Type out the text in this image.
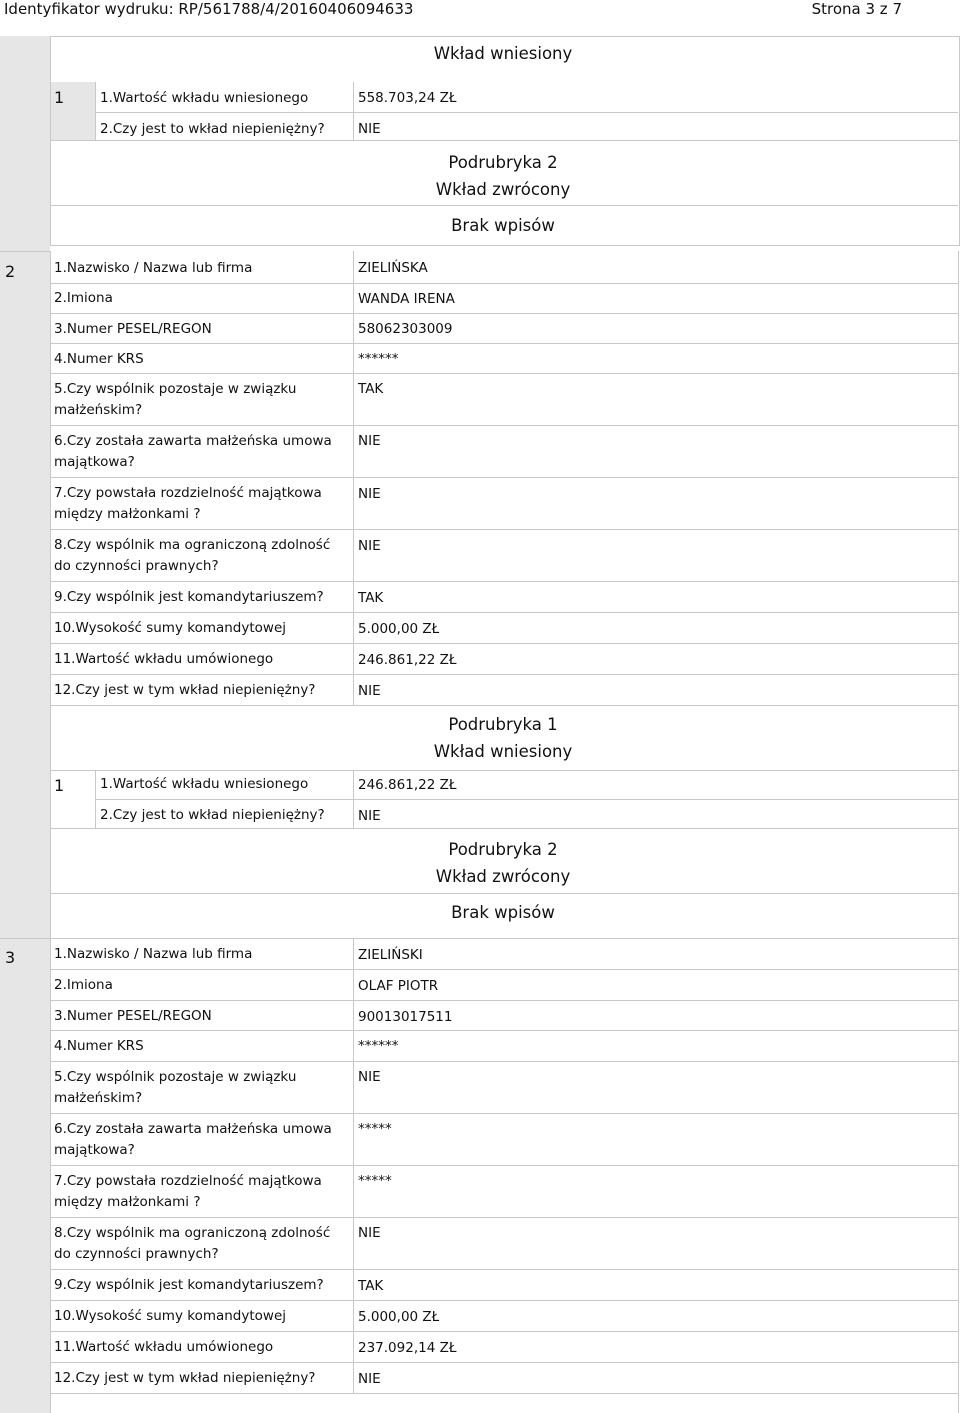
Identyfikator wydruku: RP/561788/4/20160406094633	Strona 3 z 7
Wkład wniesiony
1	1.Wartość wkładu wniesionego	558.703,24 ZŁ
2.Czy jest to wkład niepieniężny? NIE
Podrubryka 2
Wkład zwrócony
Brak wpisów
2	1.Nazwisko / Nazwa lub firma	ZIELIŃSKA
2.Imiona	WANDA IRENA
3.Numer PESEL/REGON	58062303009
4.Numer KRS	******
5.Czy wspólnik pozostaje w związku małżeńskim?
TAK
6.Czy została zawarta małżeńska umowa majątkowa?
NIE
7.Czy powstała rozdzielność majątkowa między małżonkami ?
NIE
8.Czy wspólnik ma ograniczoną zdolność do czynności prawnych?
NIE
9.Czy wspólnik jest komandytariuszem?	TAK
10.Wysokość sumy komandytowej	5.000,00 ZŁ
11.Wartość wkładu umówionego	246.861,22 ZŁ
12.Czy jest w tym wkład niepieniężny?	NIE
Podrubryka 1
Wkład wniesiony
1	1.Wartość wkładu wniesionego	246.861,22 ZŁ
2.Czy jest to wkład niepieniężny? NIE
Podrubryka 2
Wkład zwrócony
Brak wpisów
3	1.Nazwisko / Nazwa lub firma	ZIELIŃSKI
2.Imiona	OLAF PIOTR
3.Numer PESEL/REGON	90013017511
4.Numer KRS	******
5.Czy wspólnik pozostaje w związku małżeńskim?
NIE
6.Czy została zawarta małżeńska umowa majątkowa?
*****
7.Czy powstała rozdzielność majątkowa między małżonkami ?
*****
8.Czy wspólnik ma ograniczoną zdolność do czynności prawnych?
NIE
9.Czy wspólnik jest komandytariuszem?	TAK
10.Wysokość sumy komandytowej	5.000,00 ZŁ
11.Wartość wkładu umówionego	237.092,14 ZŁ
12.Czy jest w tym wkład niepieniężny?	NIE
